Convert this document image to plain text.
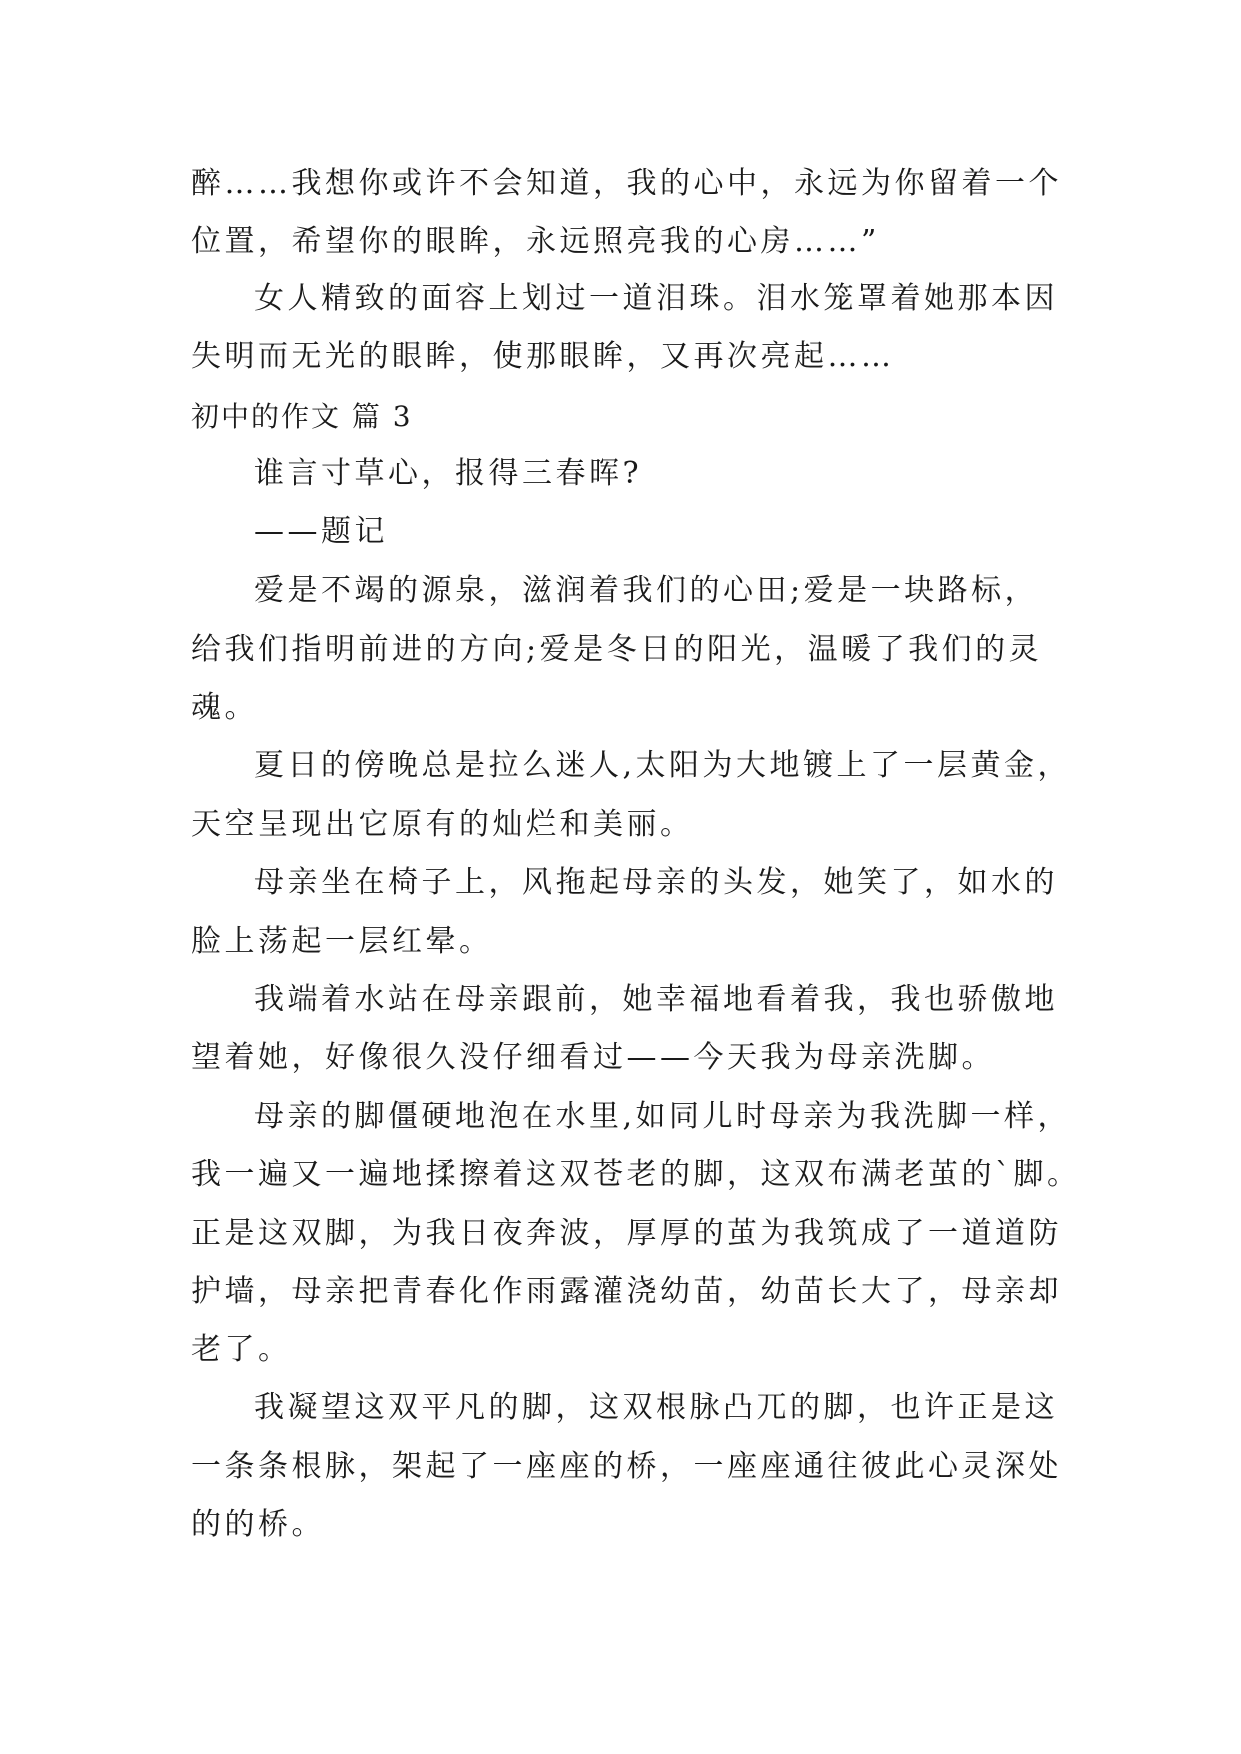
醉……我想你或许不会知道，我的心中，永远为你留着一个
位置，希望你的眼眸，永远照亮我的心房……”
女人精致的面容上划过一道泪珠。泪水笼罩着她那本因
失明而无光的眼眸，使那眼眸，又再次亮起……
初中的作文 篇 3
谁言寸草心，报得三春晖?
——题记
爱是不竭的源泉，滋润着我们的心田;爱是一块路标，
给我们指明前进的方向;爱是冬日的阳光，温暖了我们的灵
魂。
夏日的傍晚总是拉么迷人,太阳为大地镀上了一层黄金，
天空呈现出它原有的灿烂和美丽。
母亲坐在椅子上，风拖起母亲的头发，她笑了，如水的
脸上荡起一层红晕。
我端着水站在母亲跟前，她幸福地看着我，我也骄傲地
望着她，好像很久没仔细看过——今天我为母亲洗脚。
母亲的脚僵硬地泡在水里,如同儿时母亲为我洗脚一样，
我一遍又一遍地揉擦着这双苍老的脚，这双布满老茧的`脚。
正是这双脚，为我日夜奔波，厚厚的茧为我筑成了一道道防
护墙，母亲把青春化作雨露灌浇幼苗，幼苗长大了，母亲却
老了。
我凝望这双平凡的脚，这双根脉凸兀的脚，也许正是这
一条条根脉，架起了一座座的桥，一座座通往彼此心灵深处
的的桥。
